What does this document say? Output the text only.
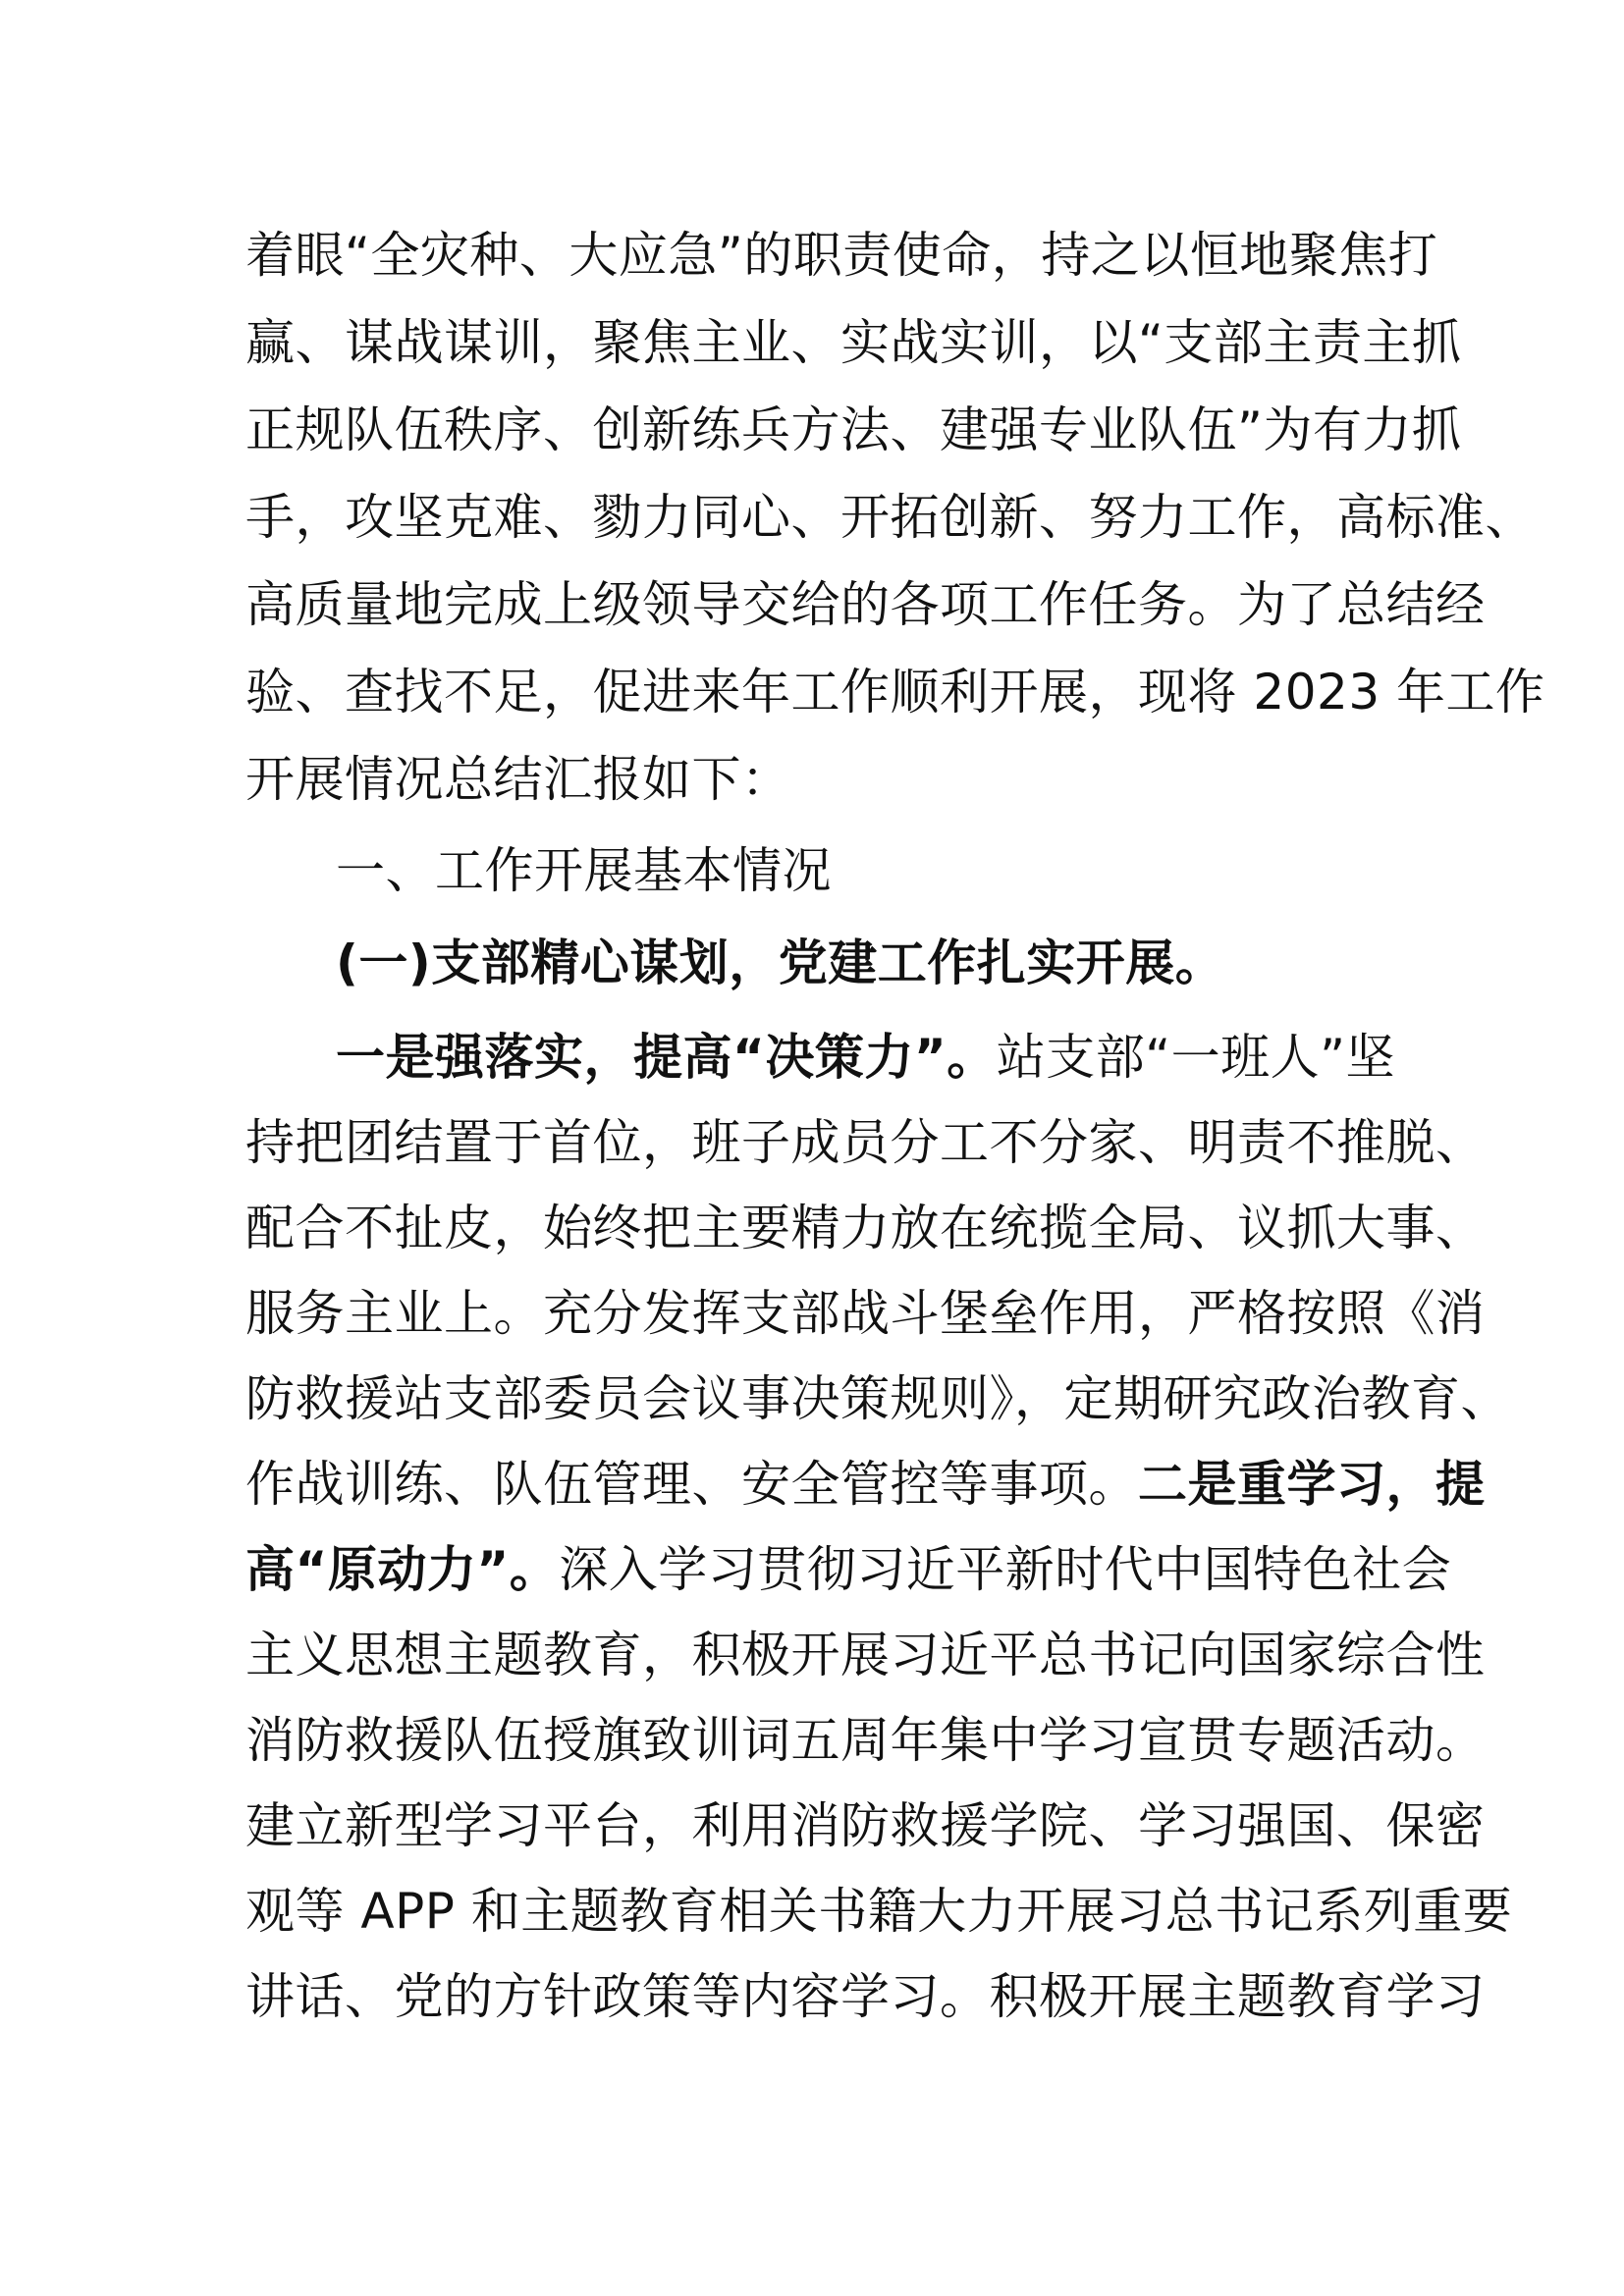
着眼“全灾种、大应急”的职责使命，持之以恒地聚焦打
赢、谋战谋训，聚焦主业、实战实训，以“支部主责主抓
正规队伍秩序、创新练兵方法、建强专业队伍”为有力抓
手，攻坚克难、勠力同心、开拓创新、努力工作，高标准、
高质量地完成上级领导交给的各项工作任务。为了总结经
验、查找不足，促进来年工作顺利开展，现将 2023 年工作
开展情况总结汇报如下：
一、工作开展基本情况
(一)支部精心谋划，党建工作扎实开展。
一是强落实，提高“决策力”。站支部“一班人”坚
持把团结置于首位，班子成员分工不分家、明责不推脱、
配合不扯皮，始终把主要精力放在统揽全局、议抓大事、
服务主业上。充分发挥支部战斗堡垒作用，严格按照《消
防救援站支部委员会议事决策规则》，定期研究政治教育、
作战训练、队伍管理、安全管控等事项。二是重学习，提
高“原动力”。深入学习贯彻习近平新时代中国特色社会
主义思想主题教育，积极开展习近平总书记向国家综合性
消防救援队伍授旗致训词五周年集中学习宣贯专题活动。
建立新型学习平台，利用消防救援学院、学习强国、保密
观等 APP 和主题教育相关书籍大力开展习总书记系列重要
讲话、党的方针政策等内容学习。积极开展主题教育学习
